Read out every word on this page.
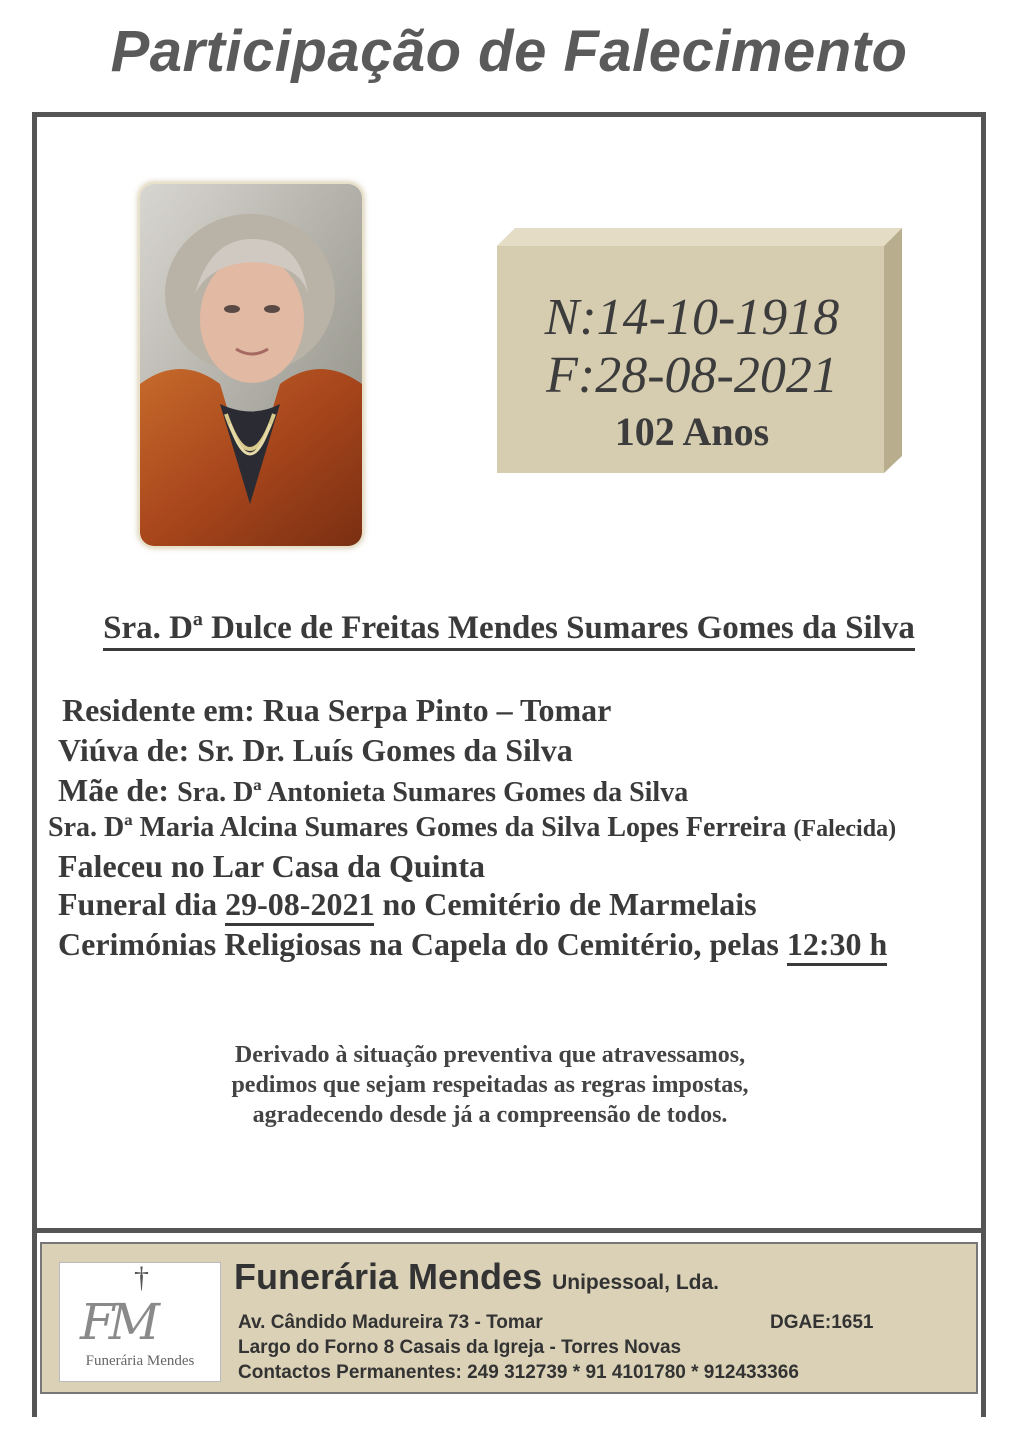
Participação de Falecimento
N:14-10-1918
F:28-08-2021
102 Anos
Sra. Dª Dulce de Freitas Mendes Sumares Gomes da Silva
Residente em: Rua Serpa Pinto – Tomar
Viúva de: Sr. Dr. Luís Gomes da Silva
Mãe de: Sra. Dª Antonieta Sumares Gomes da Silva
Sra. Dª Maria Alcina Sumares Gomes da Silva Lopes Ferreira (Falecida)
Faleceu no Lar Casa da Quinta
Funeral dia 29-08-2021 no Cemitério de Marmelais
Cerimónias Religiosas na Capela do Cemitério, pelas 12:30 h
Derivado à situação preventiva que atravessamos,
pedimos que sejam respeitadas as regras impostas,
agradecendo desde já a compreensão de todos.
†
FM
Funerária Mendes
Funerária Mendes Unipessoal, Lda.
Av. Cândido Madureira 73 - Tomar	DGAE:1651
Largo do Forno 8 Casais da Igreja - Torres Novas
Contactos Permanentes: 249 312739 * 91 4101780 * 912433366
